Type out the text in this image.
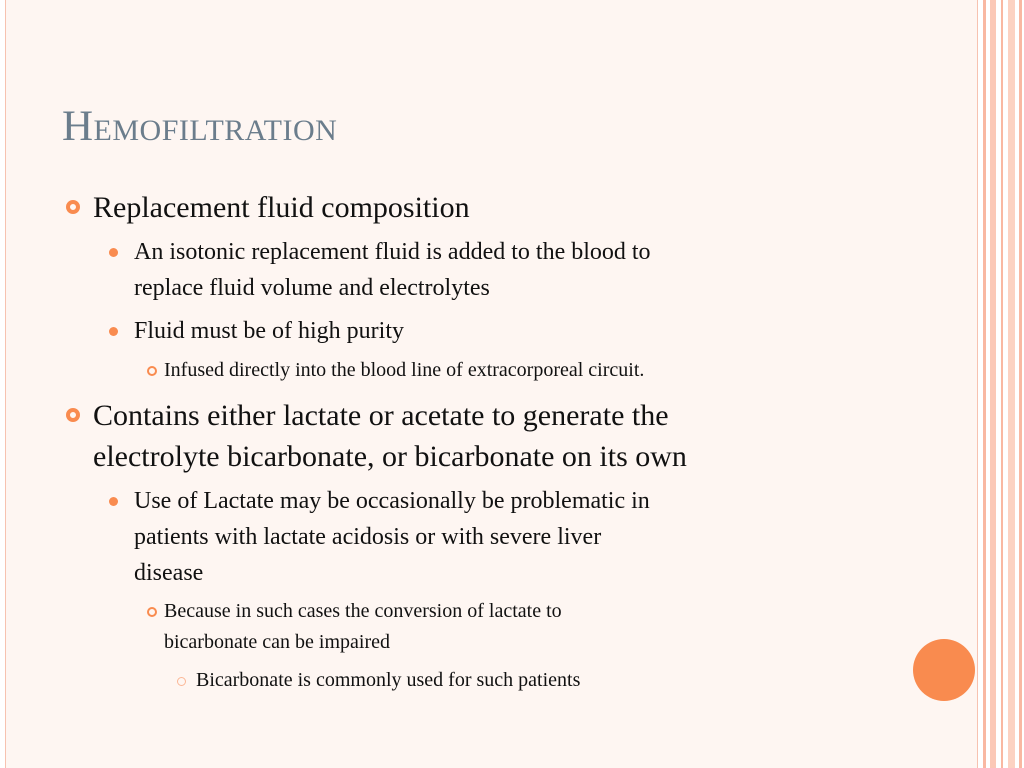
Hemofiltration

Replacement fluid composition

An isotonic replacement fluid is added to the blood to
replace fluid volume and electrolytes

Fluid must be of high purity

Infused directly into the blood line of extracorporeal circuit.

Contains either lactate or acetate to generate the
electrolyte bicarbonate, or bicarbonate on its own

Use of Lactate may be occasionally be problematic in
patients with lactate acidosis or with severe liver
disease

Because in such cases the conversion of lactate to
bicarbonate can be impaired

Bicarbonate is commonly used for such patients
